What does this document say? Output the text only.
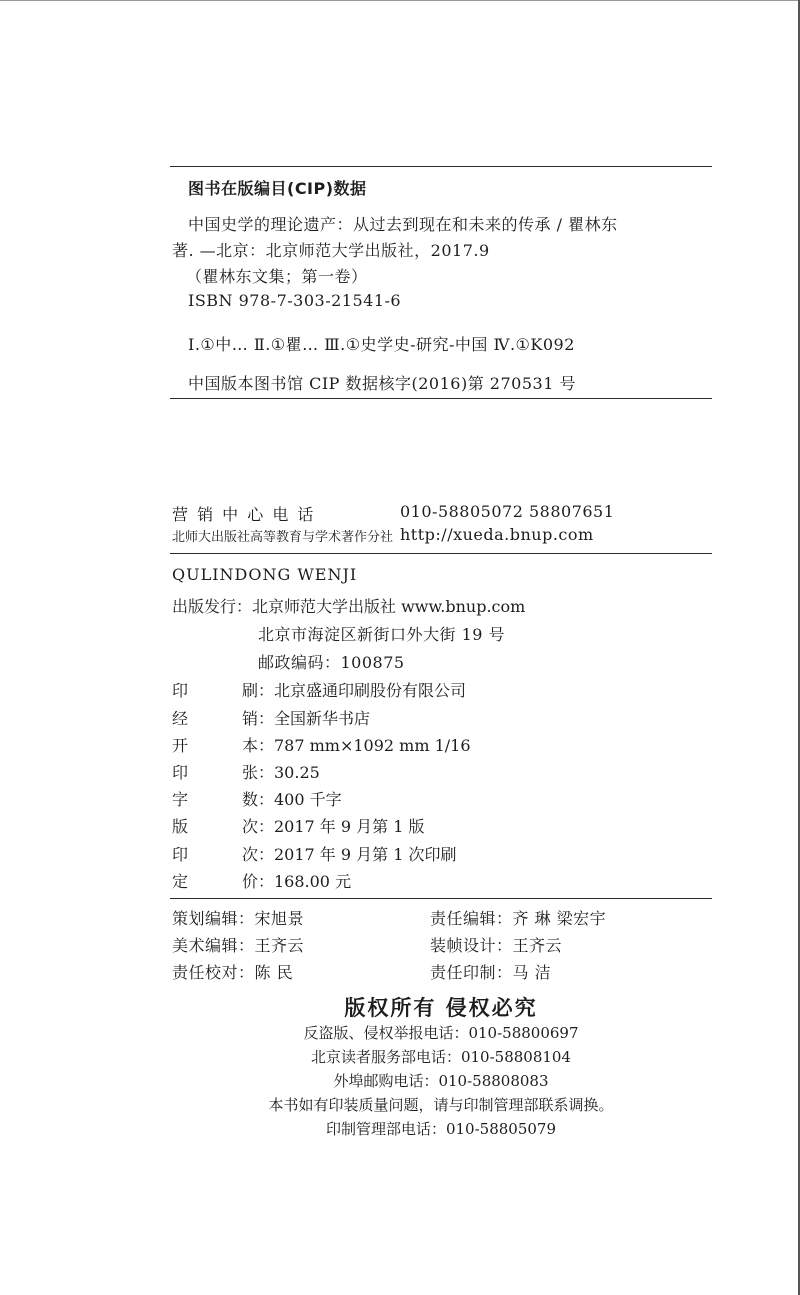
图书在版编目(CIP)数据
中国史学的理论遗产：从过去到现在和未来的传承 / 瞿林东
著. —北京：北京师范大学出版社，2017.9
（瞿林东文集；第一卷）
ISBN 978-7-303-21541-6
Ⅰ.①中… Ⅱ.①瞿… Ⅲ.①史学史-研究-中国 Ⅳ.①K092
中国版本图书馆 CIP 数据核字(2016)第 270531 号
营 销 中 心 电 话	010-58805072 58807651
北师大出版社高等教育与学术著作分社 http://xueda.bnup.com
QULINDONG WENJI
出版发行：北京师范大学出版社 www.bnup.com
北京市海淀区新街口外大街 19 号
邮政编码：100875
印刷：北京盛通印刷股份有限公司
经销：全国新华书店
开本：787 mm×1092 mm 1/16
印张：30.25
字数：400 千字
版次：2017 年 9 月第 1 版
印次：2017 年 9 月第 1 次印刷
定价：168.00 元
策划编辑：宋旭景	责任编辑：齐 琳 梁宏宇
美术编辑：王齐云	装帧设计：王齐云
责任校对：陈 民	责任印制：马 洁
版权所有 侵权必究
反盗版、侵权举报电话：010-58800697
北京读者服务部电话：010-58808104
外埠邮购电话：010-58808083
本书如有印装质量问题，请与印制管理部联系调换。
印制管理部电话：010-58805079
